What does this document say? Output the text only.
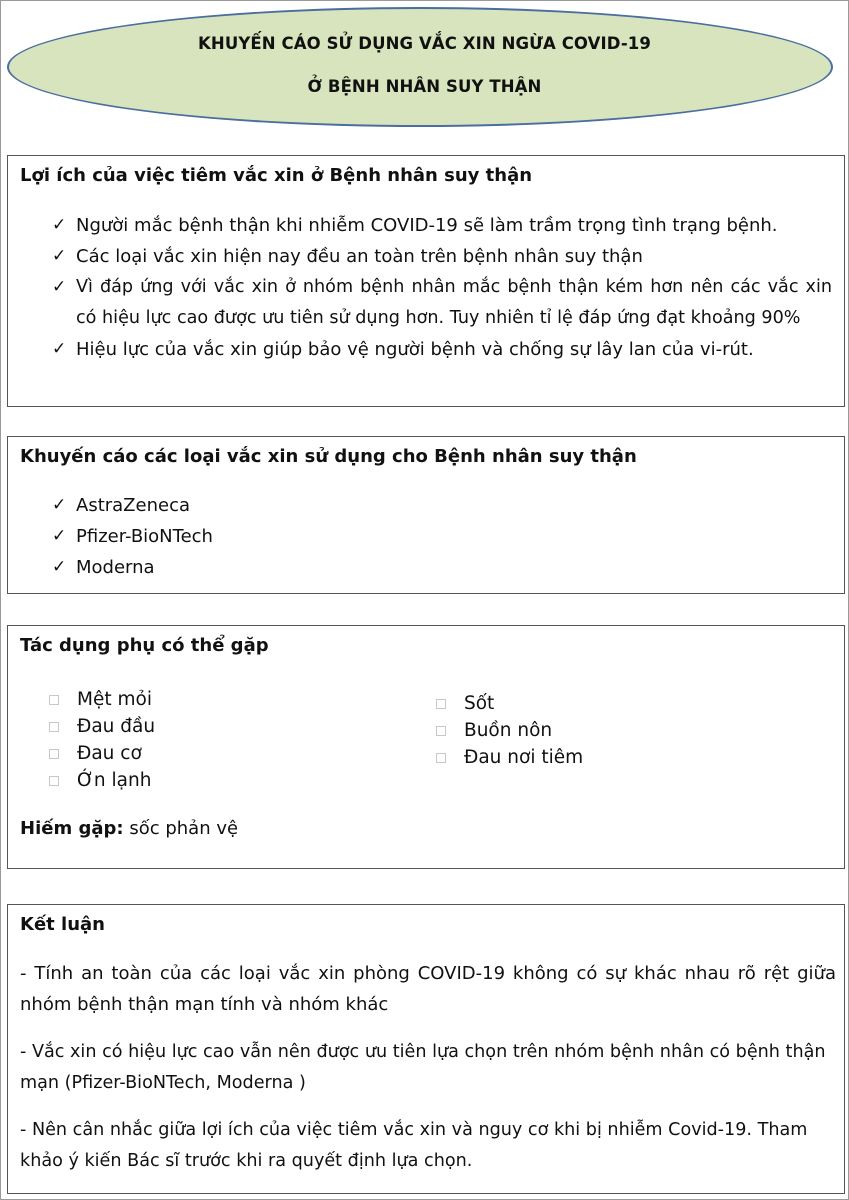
KHUYẾN CÁO SỬ DỤNG VẮC XIN NGỪA COVID-19
Ở BỆNH NHÂN SUY THẬN
Lợi ích của việc tiêm vắc xin ở Bệnh nhân suy thận
✓ Người mắc bệnh thận khi nhiễm COVID-19 sẽ làm trầm trọng tình trạng bệnh.
✓ Các loại vắc xin hiện nay đều an toàn trên bệnh nhân suy thận
✓ Vì đáp ứng với vắc xin ở nhóm bệnh nhân mắc bệnh thận kém hơn nên các vắc xin có hiệu lực cao được ưu tiên sử dụng hơn. Tuy nhiên tỉ lệ đáp ứng đạt khoảng 90%
✓ Hiệu lực của vắc xin giúp bảo vệ người bệnh và chống sự lây lan của vi-rút.
Khuyến cáo các loại vắc xin sử dụng cho Bệnh nhân suy thận
✓ AstraZeneca
✓ Pfizer-BioNTech
✓ Moderna
Tác dụng phụ có thể gặp
Mệt mỏi
Đau đầu
Đau cơ
Ớn lạnh
Sốt
Buồn nôn
Đau nơi tiêm
Hiếm gặp: sốc phản vệ
Kết luận
- Tính an toàn của các loại vắc xin phòng COVID-19 không có sự khác nhau rõ rệt giữa nhóm bệnh thận mạn tính và nhóm khác
- Vắc xin có hiệu lực cao vẫn nên được ưu tiên lựa chọn trên nhóm bệnh nhân có bệnh thận mạn (Pfizer-BioNTech, Moderna )
- Nên cân nhắc giữa lợi ích của việc tiêm vắc xin và nguy cơ khi bị nhiễm Covid-19. Tham khảo ý kiến Bác sĩ trước khi ra quyết định lựa chọn.
